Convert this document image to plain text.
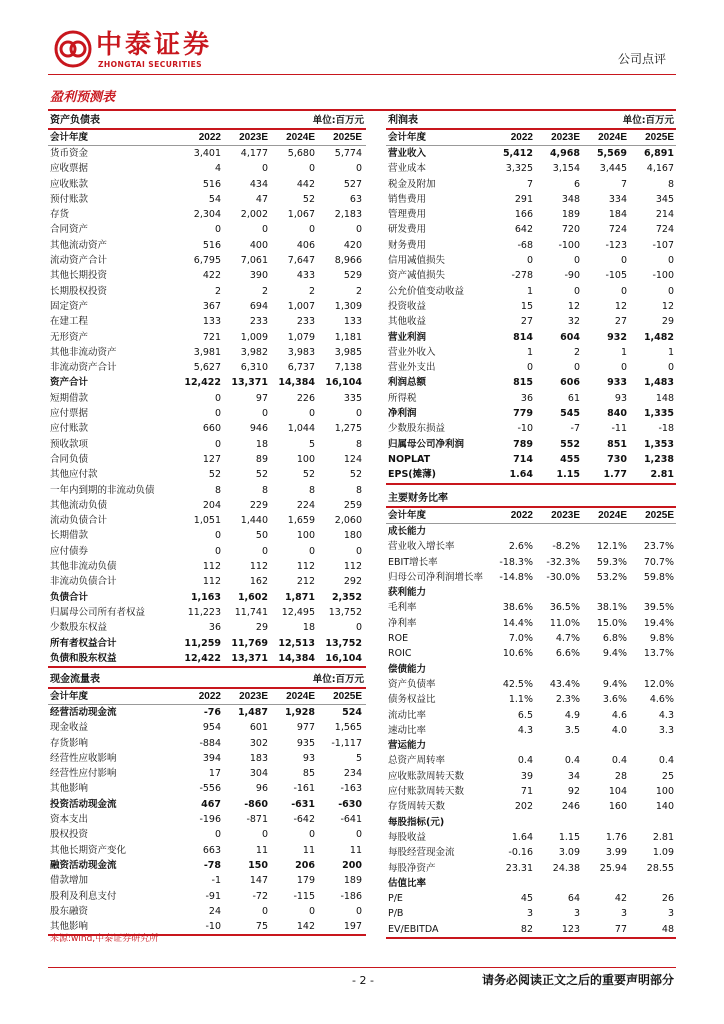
中泰证券
ZHONGTAI SECURITIES	公司点评
盈利预测表
资产负债表	单位:百万元
会计年度	2022	2023E	2024E	2025E
货币资金	3,401	4,177	5,680	5,774
应收票据	4	0	0	0
应收账款	516	434	442	527
预付账款	54	47	52	63
存货	2,304	2,002	1,067	2,183
合同资产	0	0	0	0
其他流动资产	516	400	406	420
流动资产合计	6,795	7,061	7,647	8,966
其他长期投资	422	390	433	529
长期股权投资	2	2	2	2
固定资产	367	694	1,007	1,309
在建工程	133	233	233	133
无形资产	721	1,009	1,079	1,181
其他非流动资产	3,981	3,982	3,983	3,985
非流动资产合计	5,627	6,310	6,737	7,138
资产合计	12,422	13,371	14,384	16,104
短期借款	0	97	226	335
应付票据	0	0	0	0
应付账款	660	946	1,044	1,275
预收款项	0	18	5	8
合同负债	127	89	100	124
其他应付款	52	52	52	52
一年内到期的非流动负债	8	8	8	8
其他流动负债	204	229	224	259
流动负债合计	1,051	1,440	1,659	2,060
长期借款	0	50	100	180
应付债券	0	0	0	0
其他非流动负债	112	112	112	112
非流动负债合计	112	162	212	292
负债合计	1,163	1,602	1,871	2,352
归属母公司所有者权益	11,223	11,741	12,495	13,752
少数股东权益	36	29	18	0
所有者权益合计	11,259	11,769	12,513	13,752
负债和股东权益	12,422	13,371	14,384	16,104
现金流量表	单位:百万元
会计年度	2022	2023E	2024E	2025E
经营活动现金流	-76	1,487	1,928	524
现金收益	954	601	977	1,565
存货影响	-884	302	935	-1,117
经营性应收影响	394	183	93	5
经营性应付影响	17	304	85	234
其他影响	-556	96	-161	-163
投资活动现金流	467	-860	-631	-630
资本支出	-196	-871	-642	-641
股权投资	0	0	0	0
其他长期资产变化	663	11	11	11
融资活动现金流	-78	150	206	200
借款增加	-1	147	179	189
股利及利息支付	-91	-72	-115	-186
股东融资	24	0	0	0
其他影响	-10	75	142	197
利润表	单位:百万元
会计年度	2022	2023E	2024E	2025E
营业收入	5,412	4,968	5,569	6,891
营业成本	3,325	3,154	3,445	4,167
税金及附加	7	6	7	8
销售费用	291	348	334	345
管理费用	166	189	184	214
研发费用	642	720	724	724
财务费用	-68	-100	-123	-107
信用减值损失	0	0	0	0
资产减值损失	-278	-90	-105	-100
公允价值变动收益	1	0	0	0
投资收益	15	12	12	12
其他收益	27	32	27	29
营业利润	814	604	932	1,482
营业外收入	1	2	1	1
营业外支出	0	0	0	0
利润总额	815	606	933	1,483
所得税	36	61	93	148
净利润	779	545	840	1,335
少数股东损益	-10	-7	-11	-18
归属母公司净利润	789	552	851	1,353
NOPLAT	714	455	730	1,238
EPS(摊薄)	1.64	1.15	1.77	2.81
主要财务比率
会计年度	2022	2023E	2024E	2025E
成长能力
营业收入增长率	2.6%	-8.2%	12.1%	23.7%
EBIT增长率	-18.3%	-32.3%	59.3%	70.7%
归母公司净利润增长率	-14.8%	-30.0%	53.2%	59.8%
获利能力
毛利率	38.6%	36.5%	38.1%	39.5%
净利率	14.4%	11.0%	15.0%	19.4%
ROE	7.0%	4.7%	6.8%	9.8%
ROIC	10.6%	6.6%	9.4%	13.7%
偿债能力
资产负债率	42.5%	43.4%	9.4%	12.0%
债务权益比	1.1%	2.3%	3.6%	4.6%
流动比率	6.5	4.9	4.6	4.3
速动比率	4.3	3.5	4.0	3.3
营运能力
总资产周转率	0.4	0.4	0.4	0.4
应收账款周转天数	39	34	28	25
应付账款周转天数	71	92	104	100
存货周转天数	202	246	160	140
每股指标(元)
每股收益	1.64	1.15	1.76	2.81
每股经营现金流	-0.16	3.09	3.99	1.09
每股净资产	23.31	24.38	25.94	28.55
估值比率
P/E	45	64	42	26
P/B	3	3	3	3
EV/EBITDA	82	123	77	48
来源:wind,中泰证券研究所
- 2 -	请务必阅读正文之后的重要声明部分
